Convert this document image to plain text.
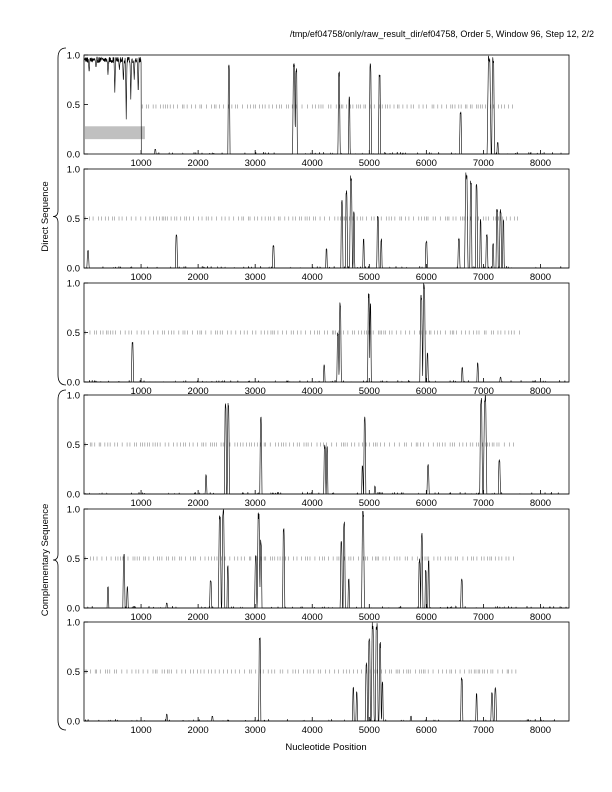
/tmp/ef04758/only/raw_result_dir/ef04758, Order 5, Window 96, Step 12, 2/2
0.0
0.5
1.0
1000	2000	3000	4000	5000	6000	7000	8000
0.0
0.5
1.0
1000	2000	3000	4000	5000	6000	7000	8000
0.0
0.5
1.0
1000	2000	3000	4000	5000	6000	7000	8000
0.0
0.5
1.0
1000	2000	3000	4000	5000	6000	7000	8000
0.0
0.5
1.0
1000	2000	3000	4000	5000	6000	7000	8000
0.0
0.5
1.0
1000	2000	3000	4000	5000	6000	7000	8000
Direct Sequence
Complementary Sequence
Nucleotide Position
